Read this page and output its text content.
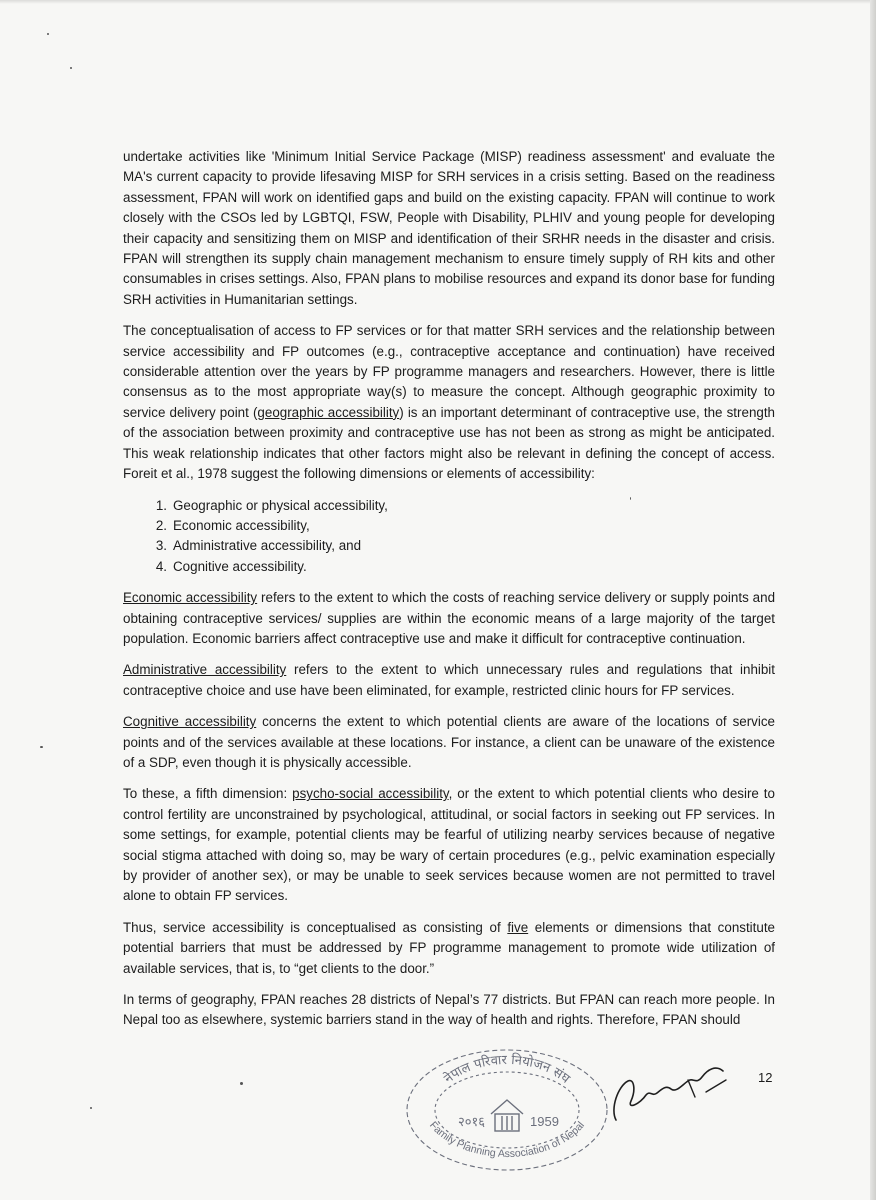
undertake activities like 'Minimum Initial Service Package (MISP) readiness assessment' and evaluate the MA's current capacity to provide lifesaving MISP for SRH services in a crisis setting. Based on the readiness assessment, FPAN will work on identified gaps and build on the existing capacity. FPAN will continue to work closely with the CSOs led by LGBTQI, FSW, People with Disability, PLHIV and young people for developing their capacity and sensitizing them on MISP and identification of their SRHR needs in the disaster and crisis. FPAN will strengthen its supply chain management mechanism to ensure timely supply of RH kits and other consumables in crises settings. Also, FPAN plans to mobilise resources and expand its donor base for funding SRH activities in Humanitarian settings.

The conceptualisation of access to FP services or for that matter SRH services and the relationship between service accessibility and FP outcomes (e.g., contraceptive acceptance and continuation) have received considerable attention over the years by FP programme managers and researchers. However, there is little consensus as to the most appropriate way(s) to measure the concept. Although geographic proximity to service delivery point (geographic accessibility) is an important determinant of contraceptive use, the strength of the association between proximity and contraceptive use has not been as strong as might be anticipated. This weak relationship indicates that other factors might also be relevant in defining the concept of access. Foreit et al., 1978 suggest the following dimensions or elements of accessibility:

1. Geographic or physical accessibility,
2. Economic accessibility,
3. Administrative accessibility, and
4. Cognitive accessibility.

Economic accessibility refers to the extent to which the costs of reaching service delivery or supply points and obtaining contraceptive services/ supplies are within the economic means of a large majority of the target population. Economic barriers affect contraceptive use and make it difficult for contraceptive continuation.

Administrative accessibility refers to the extent to which unnecessary rules and regulations that inhibit contraceptive choice and use have been eliminated, for example, restricted clinic hours for FP services.

Cognitive accessibility concerns the extent to which potential clients are aware of the locations of service points and of the services available at these locations. For instance, a client can be unaware of the existence of a SDP, even though it is physically accessible.

To these, a fifth dimension: psycho-social accessibility, or the extent to which potential clients who desire to control fertility are unconstrained by psychological, attitudinal, or social factors in seeking out FP services. In some settings, for example, potential clients may be fearful of utilizing nearby services because of negative social stigma attached with doing so, may be wary of certain procedures (e.g., pelvic examination especially by provider of another sex), or may be unable to seek services because women are not permitted to travel alone to obtain FP services.

Thus, service accessibility is conceptualised as consisting of five elements or dimensions that constitute potential barriers that must be addressed by FP programme management to promote wide utilization of available services, that is, to “get clients to the door.”

In terms of geography, FPAN reaches 28 districts of Nepal’s 77 districts. But FPAN can reach more people. In Nepal too as elsewhere, systemic barriers stand in the way of health and rights. Therefore, FPAN should

नेपाल परिवार नियोजन संघ
Family Planning Association of Nepal
२०१६	1959
12
